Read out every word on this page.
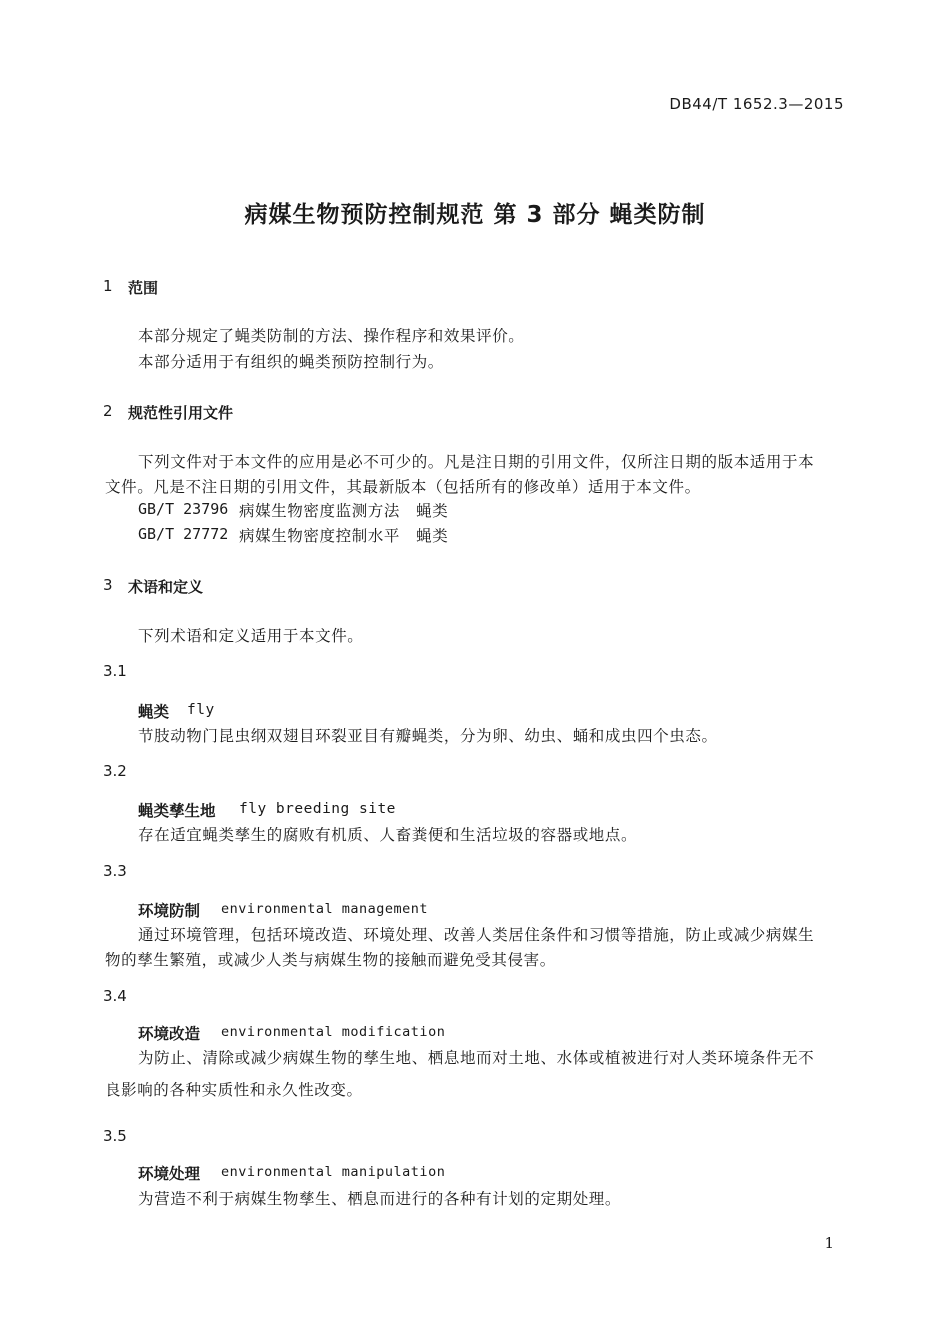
DB44/T 1652.3—2015
病媒生物预防控制规范 第 3 部分 蝇类防制
1 范围
本部分规定了蝇类防制的方法、操作程序和效果评价。
本部分适用于有组织的蝇类预防控制行为。
2 规范性引用文件
下列文件对于本文件的应用是必不可少的。凡是注日期的引用文件，仅所注日期的版本适用于本
文件。凡是不注日期的引用文件，其最新版本（包括所有的修改单）适用于本文件。
GB/T 23796 病媒生物密度监测方法　蝇类
GB/T 27772 病媒生物密度控制水平　蝇类
3 术语和定义
下列术语和定义适用于本文件。
3.1
蝇类 fly
节肢动物门昆虫纲双翅目环裂亚目有瓣蝇类，分为卵、幼虫、蛹和成虫四个虫态。
3.2
蝇类孳生地 fly breeding site
存在适宜蝇类孳生的腐败有机质、人畜粪便和生活垃圾的容器或地点。
3.3
环境防制 environmental management
通过环境管理，包括环境改造、环境处理、改善人类居住条件和习惯等措施，防止或减少病媒生
物的孳生繁殖，或减少人类与病媒生物的接触而避免受其侵害。
3.4
环境改造 environmental modification
为防止、清除或减少病媒生物的孳生地、栖息地而对土地、水体或植被进行对人类环境条件无不
良影响的各种实质性和永久性改变。
3.5
环境处理 environmental manipulation
为营造不利于病媒生物孳生、栖息而进行的各种有计划的定期处理。
1
